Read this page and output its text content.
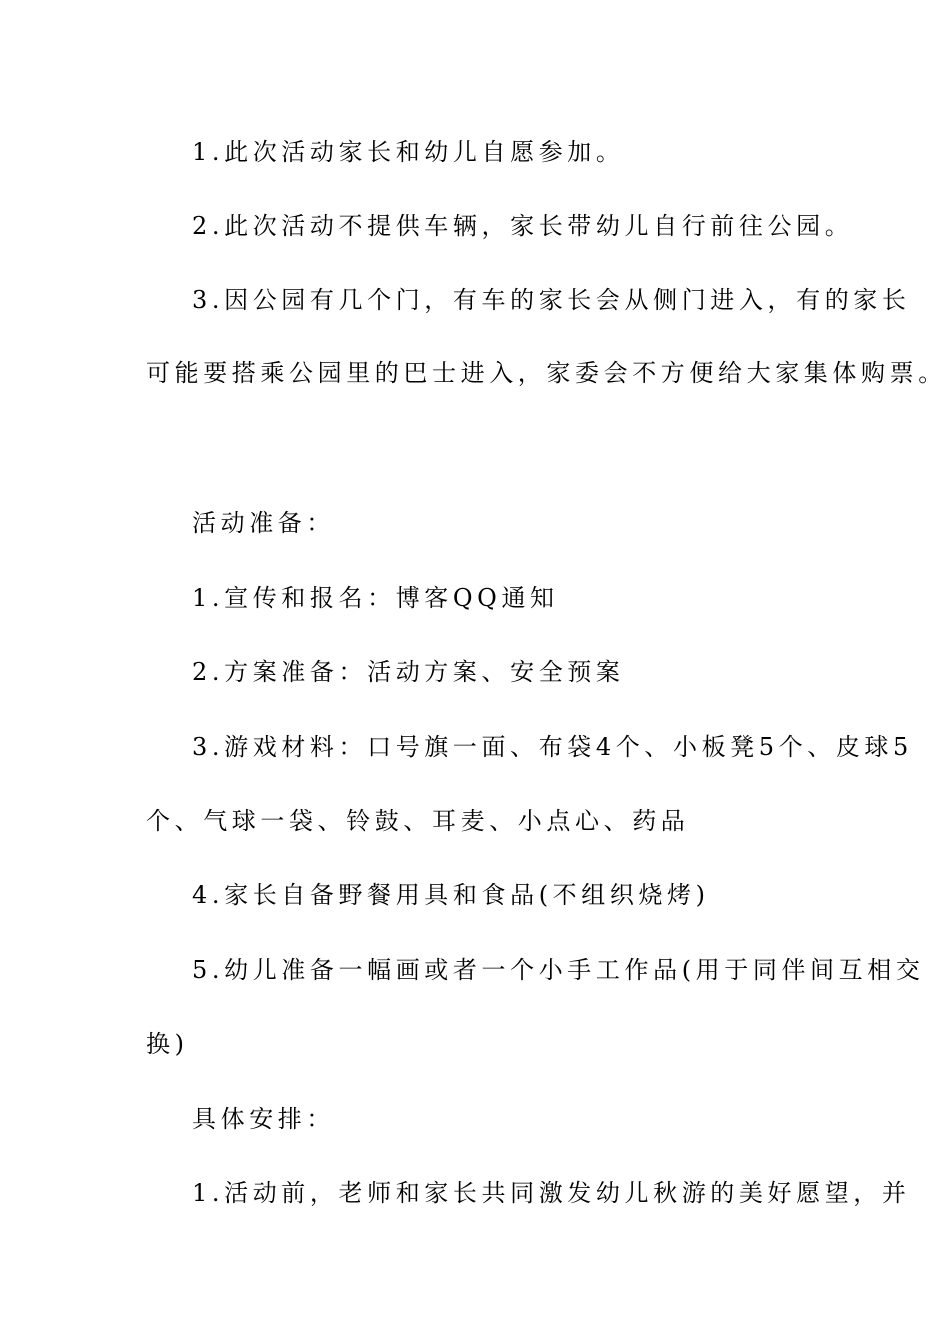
1.此次活动家长和幼儿自愿参加。
2.此次活动不提供车辆，家长带幼儿自行前往公园。
3.因公园有几个门，有车的家长会从侧门进入，有的家长
可能要搭乘公园里的巴士进入，家委会不方便给大家集体购票。
活动准备：
1.宣传和报名：博客QQ通知
2.方案准备：活动方案、安全预案
3.游戏材料：口号旗一面、布袋4个、小板凳5个、皮球5
个、气球一袋、铃鼓、耳麦、小点心、药品
4.家长自备野餐用具和食品(不组织烧烤)
5.幼儿准备一幅画或者一个小手工作品(用于同伴间互相交
换)
具体安排：
1.活动前，老师和家长共同激发幼儿秋游的美好愿望，并
